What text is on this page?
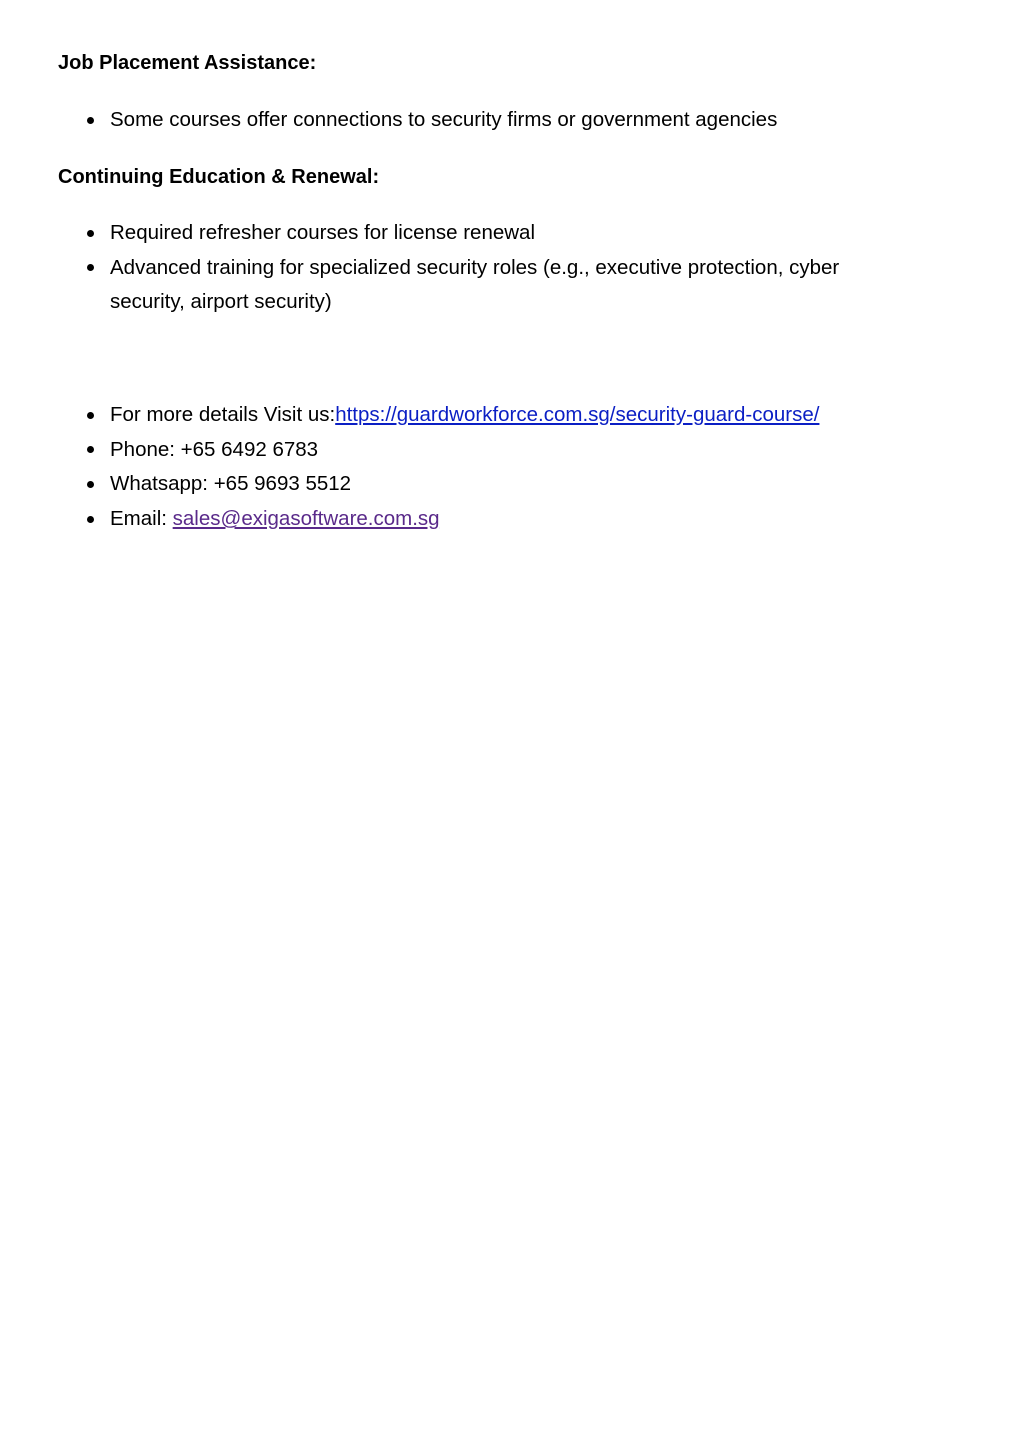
Job Placement Assistance:
Some courses offer connections to security firms or government agencies
Continuing Education & Renewal:
Required refresher courses for license renewal
Advanced training for specialized security roles (e.g., executive protection, cyber security, airport security)
For more details Visit us:https://guardworkforce.com.sg/security-guard-course/
Phone: +65 6492 6783
Whatsapp: +65 9693 5512
Email: sales@exigasoftware.com.sg
